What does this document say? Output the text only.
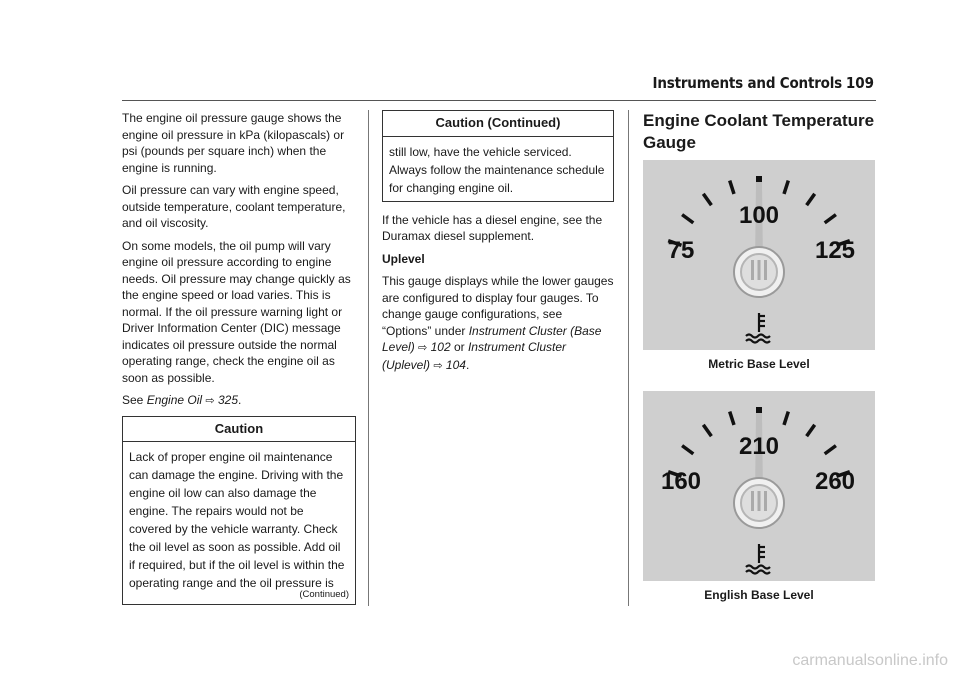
Instruments and Controls 109

The engine oil pressure gauge shows the engine oil pressure in kPa (kilopascals) or psi (pounds per square inch) when the engine is running.

Oil pressure can vary with engine speed, outside temperature, coolant temperature, and oil viscosity.

On some models, the oil pump will vary engine oil pressure according to engine needs. Oil pressure may change quickly as the engine speed or load varies. This is normal. If the oil pressure warning light or Driver Information Center (DIC) message indicates oil pressure outside the normal operating range, check the engine oil as soon as possible.

See Engine Oil ⇨ 325.

Caution
Lack of proper engine oil maintenance can damage the engine. Driving with the engine oil low can also damage the engine. The repairs would not be covered by the vehicle warranty. Check the oil level as soon as possible. Add oil if required, but if the oil level is within the operating range and the oil pressure is
(Continued)
Caution (Continued)
still low, have the vehicle serviced. Always follow the maintenance schedule for changing engine oil.

If the vehicle has a diesel engine, see the Duramax diesel supplement.

Uplevel

This gauge displays while the lower gauges are configured to display four gauges. To change gauge configurations, see “Options” under Instrument Cluster (Base Level) ⇨ 102 or Instrument Cluster (Uplevel) ⇨ 104.

Engine Coolant Temperature Gauge
100
75	125
Metric Base Level
210
160	260
English Base Level
carmanualsonline.info
